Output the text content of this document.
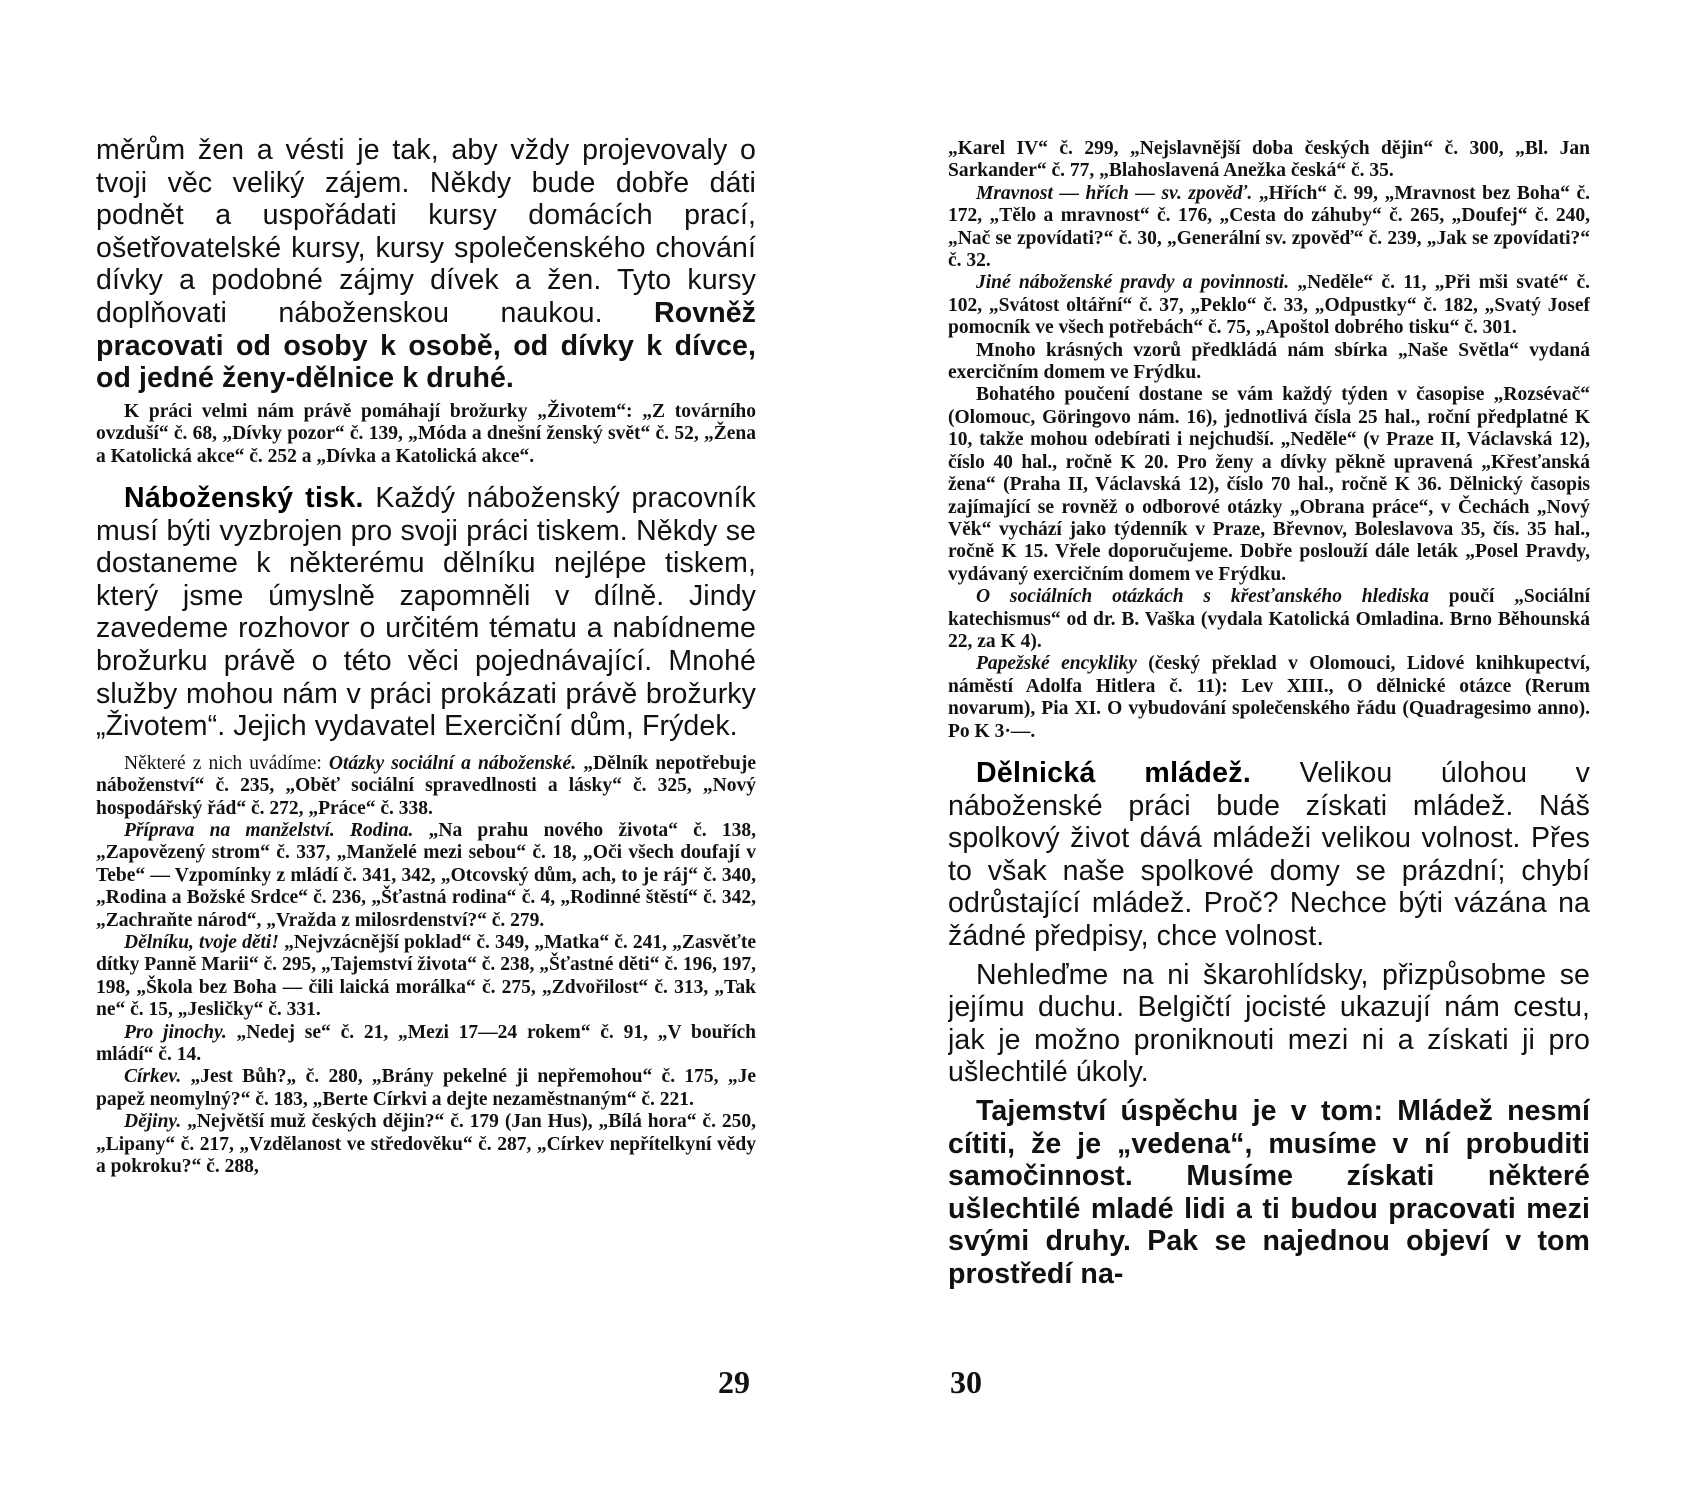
měrům žen a vésti je tak, aby vždy projevovaly o tvoji věc veliký zájem. Někdy bude dobře dáti podnět a uspořádati kursy domácích prací, ošetřovatelské kursy, kursy společenského chování dívky a podobné zájmy dívek a žen. Tyto kursy doplňovati náboženskou naukou. Rovněž pracovati od osoby k osobě, od dívky k dívce, od jedné ženy-dělnice k druhé.

K práci velmi nám právě pomáhají brožurky „Životem“: „Z továrního ovzduší“ č. 68, „Dívky pozor“ č. 139, „Móda a dnešní ženský svět“ č. 52, „Žena a Katolická akce“ č. 252 a „Dívka a Katolická akce“.

Náboženský tisk. Každý náboženský pracovník musí býti vyzbrojen pro svoji práci tiskem. Někdy se dostaneme k některému dělníku nejlépe tiskem, který jsme úmyslně zapomněli v dílně. Jindy zavedeme rozhovor o určitém tématu a nabídneme brožurku právě o této věci pojednávající. Mnohé služby mohou nám v práci prokázati právě brožurky „Životem“. Jejich vydavatel Exerciční dům, Frýdek.

Některé z nich uvádíme: Otázky sociální a náboženské. „Dělník nepotřebuje náboženství“ č. 235, „Oběť sociální spravedlnosti a lásky“ č. 325, „Nový hospodářský řád“ č. 272, „Práce“ č. 338.

Příprava na manželství. Rodina. „Na prahu nového života“ č. 138, „Zapovězený strom“ č. 337, „Manželé mezi sebou“ č. 18, „Oči všech doufají v Tebe“ — Vzpomínky z mládí č. 341, 342, „Otcovský dům, ach, to je ráj“ č. 340, „Rodina a Božské Srdce“ č. 236, „Šťastná rodina“ č. 4, „Rodinné štěstí“ č. 342, „Zachraňte národ“, „Vražda z milosrdenství?“ č. 279.

Dělníku, tvoje děti! „Nejvzácnější poklad“ č. 349, „Matka“ č. 241, „Zasvěťte dítky Panně Marii“ č. 295, „Tajemství života“ č. 238, „Šťastné děti“ č. 196, 197, 198, „Škola bez Boha — čili laická morálka“ č. 275, „Zdvořilost“ č. 313, „Tak ne“ č. 15, „Jesličky“ č. 331.

Pro jinochy. „Nedej se“ č. 21, „Mezi 17—24 rokem“ č. 91, „V bouřích mládí“ č. 14.

Církev. „Jest Bůh?„ č. 280, „Brány pekelné ji nepřemohou“ č. 175, „Je papež neomylný?“ č. 183, „Berte Církvi a dejte nezaměstnaným“ č. 221.

Dějiny. „Největší muž českých dějin?“ č. 179 (Jan Hus), „Bílá hora“ č. 250, „Lipany“ č. 217, „Vzdělanost ve středověku“ č. 287, „Církev nepřítelkyní vědy a pokroku?“ č. 288,

29

„Karel IV“ č. 299, „Nejslavnější doba českých dějin“ č. 300, „Bl. Jan Sarkander“ č. 77, „Blahoslavená Anežka česká“ č. 35.

Mravnost — hřích — sv. zpověď. „Hřích“ č. 99, „Mravnost bez Boha“ č. 172, „Tělo a mravnost“ č. 176, „Cesta do záhuby“ č. 265, „Doufej“ č. 240, „Nač se zpovídati?“ č. 30, „Generální sv. zpověď“ č. 239, „Jak se zpovídati?“ č. 32.

Jiné náboženské pravdy a povinnosti. „Neděle“ č. 11, „Při mši svaté“ č. 102, „Svátost oltářní“ č. 37, „Peklo“ č. 33, „Odpustky“ č. 182, „Svatý Josef pomocník ve všech potřebách“ č. 75, „Apoštol dobrého tisku“ č. 301.

Mnoho krásných vzorů předkládá nám sbírka „Naše Světla“ vydaná exercičním domem ve Frýdku.

Bohatého poučení dostane se vám každý týden v časopise „Rozsévač“ (Olomouc, Göringovo nám. 16), jednotlivá čísla 25 hal., roční předplatné K 10, takže mohou odebírati i nejchudší. „Neděle“ (v Praze II, Václavská 12), číslo 40 hal., ročně K 20. Pro ženy a dívky pěkně upravená „Křesťanská žena“ (Praha II, Václavská 12), číslo 70 hal., ročně K 36. Dělnický časopis zajímající se rovněž o odborové otázky „Obrana práce“, v Čechách „Nový Věk“ vychází jako týdenník v Praze, Břevnov, Boleslavova 35, čís. 35 hal., ročně K 15. Vřele doporučujeme. Dobře poslouží dále leták „Posel Pravdy, vydávaný exercičním domem ve Frýdku.

O sociálních otázkách s křesťanského hlediska poučí „Sociální katechismus“ od dr. B. Vaška (vydala Katolická Omladina. Brno Běhounská 22, za K 4).

Papežské encykliky (český překlad v Olomouci, Lidové knihkupectví, náměstí Adolfa Hitlera č. 11): Lev XIII., O dělnické otázce (Rerum novarum), Pia XI. O vybudování společenského řádu (Quadragesimo anno). Po K 3·—.

Dělnická mládež. Velikou úlohou v náboženské práci bude získati mládež. Náš spolkový život dává mládeži velikou volnost. Přes to však naše spolkové domy se prázdní; chybí odrůstající mládež. Proč? Nechce býti vázána na žádné předpisy, chce volnost.

Nehleďme na ni škarohlídsky, přizpůsobme se jejímu duchu. Belgičtí jocisté ukazují nám cestu, jak je možno proniknouti mezi ni a získati ji pro ušlechtilé úkoly.

Tajemství úspěchu je v tom: Mládež nesmí cítiti, že je „vedena“, musíme v ní probuditi samočinnost. Musíme získati některé ušlechtilé mladé lidi a ti budou pracovati mezi svými druhy. Pak se najednou objeví v tom prostředí na-

30
